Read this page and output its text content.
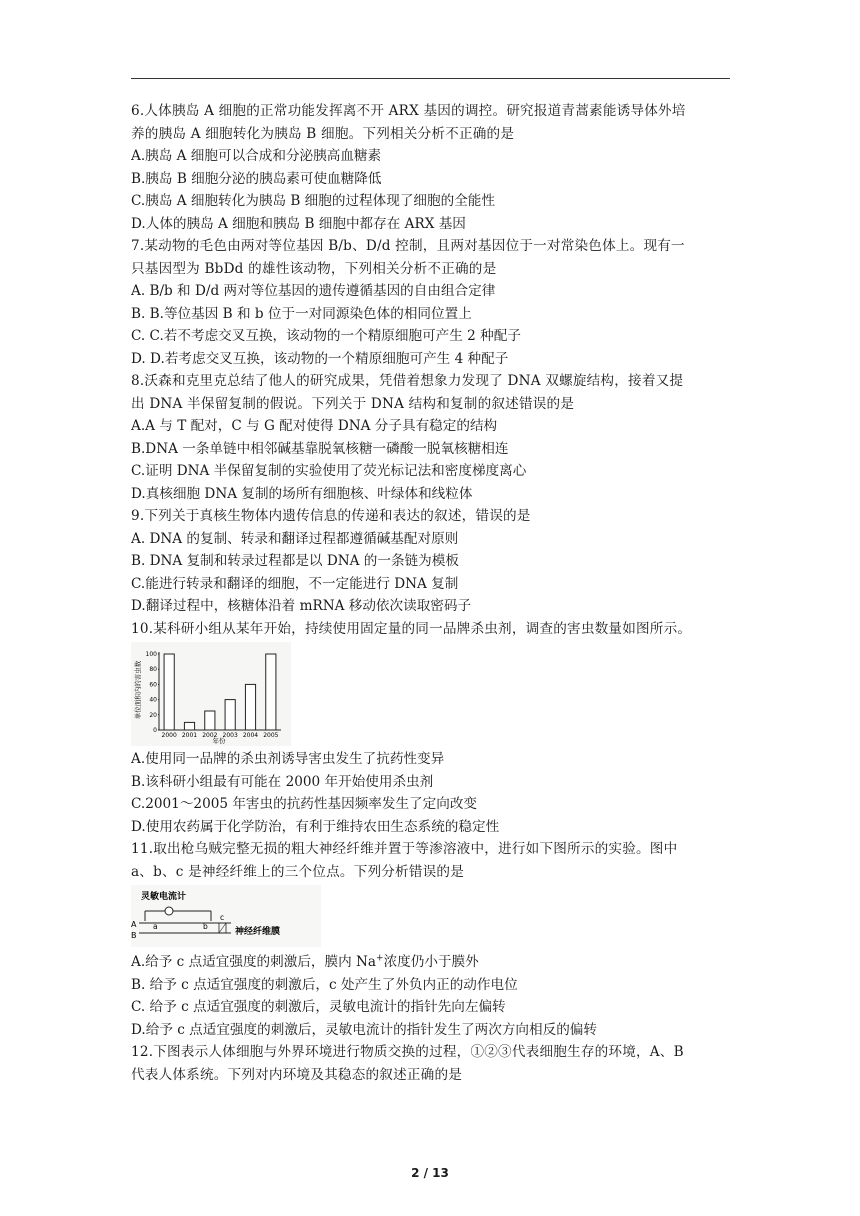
6.人体胰岛 A 细胞的正常功能发挥离不开 ARX 基因的调控。研究报道青蒿素能诱导体外培
养的胰岛 A 细胞转化为胰岛 B 细胞。下列相关分析不正确的是
A.胰岛 A 细胞可以合成和分泌胰高血糖素
B.胰岛 B 细胞分泌的胰岛素可使血糖降低
C.胰岛 A 细胞转化为胰岛 B 细胞的过程体现了细胞的全能性
D.人体的胰岛 A 细胞和胰岛 B 细胞中都存在 ARX 基因
7.某动物的毛色由两对等位基因 B/b、D/d 控制，且两对基因位于一对常染色体上。现有一
只基因型为 BbDd 的雄性该动物，下列相关分析不正确的是
A. B/b 和 D/d 两对等位基因的遗传遵循基因的自由组合定律
B. B.等位基因 B 和 b 位于一对同源染色体的相同位置上
C. C.若不考虑交叉互换，该动物的一个精原细胞可产生 2 种配子
D. D.若考虑交叉互换，该动物的一个精原细胞可产生 4 种配子
8.沃森和克里克总结了他人的研究成果，凭借着想象力发现了 DNA 双螺旋结构，接着又提
出 DNA 半保留复制的假说。下列关于 DNA 结构和复制的叙述错误的是
A.A 与 T 配对，C 与 G 配对使得 DNA 分子具有稳定的结构
B.DNA 一条单链中相邻碱基靠脱氧核糖一磷酸一脱氧核糖相连
C.证明 DNA 半保留复制的实验使用了荧光标记法和密度梯度离心
D.真核细胞 DNA 复制的场所有细胞核、叶绿体和线粒体
9.下列关于真核生物体内遗传信息的传递和表达的叙述，错误的是
A. DNA 的复制、转录和翻译过程都遵循碱基配对原则
B. DNA 复制和转录过程都是以 DNA 的一条链为模板
C.能进行转录和翻译的细胞，不一定能进行 DNA 复制
D.翻译过程中，核糖体沿着 mRNA 移动依次读取密码子
10.某科研小组从某年开始，持续使用固定量的同一品牌杀虫剂，调查的害虫数量如图所示。
单位面积内的害虫数
100
80
60
40
20
0
2000 2001 2002 2003 2004 2005
年份
A.使用同一品牌的杀虫剂诱导害虫发生了抗药性变异
B.该科研小组最有可能在 2000 年开始使用杀虫剂
C.2001～2005 年害虫的抗药性基因频率发生了定向改变
D.使用农药属于化学防治，有利于维持农田生态系统的稳定性
11.取出枪乌贼完整无损的粗大神经纤维并置于等渗溶液中，进行如下图所示的实验。图中
a、b、c 是神经纤维上的三个位点。下列分析错误的是
灵敏电流计
A
B
a	b
c
神经纤维膜
A.给予 c 点适宜强度的刺激后，膜内 Na+浓度仍小于膜外
B. 给予 c 点适宜强度的刺激后，c 处产生了外负内正的动作电位
C. 给予 c 点适宜强度的刺激后，灵敏电流计的指针先向左偏转
D.给予 c 点适宜强度的刺激后，灵敏电流计的指针发生了两次方向相反的偏转
12.下图表示人体细胞与外界环境进行物质交换的过程，①②③代表细胞生存的环境，A、B
代表人体系统。下列对内环境及其稳态的叙述正确的是
2 / 13
